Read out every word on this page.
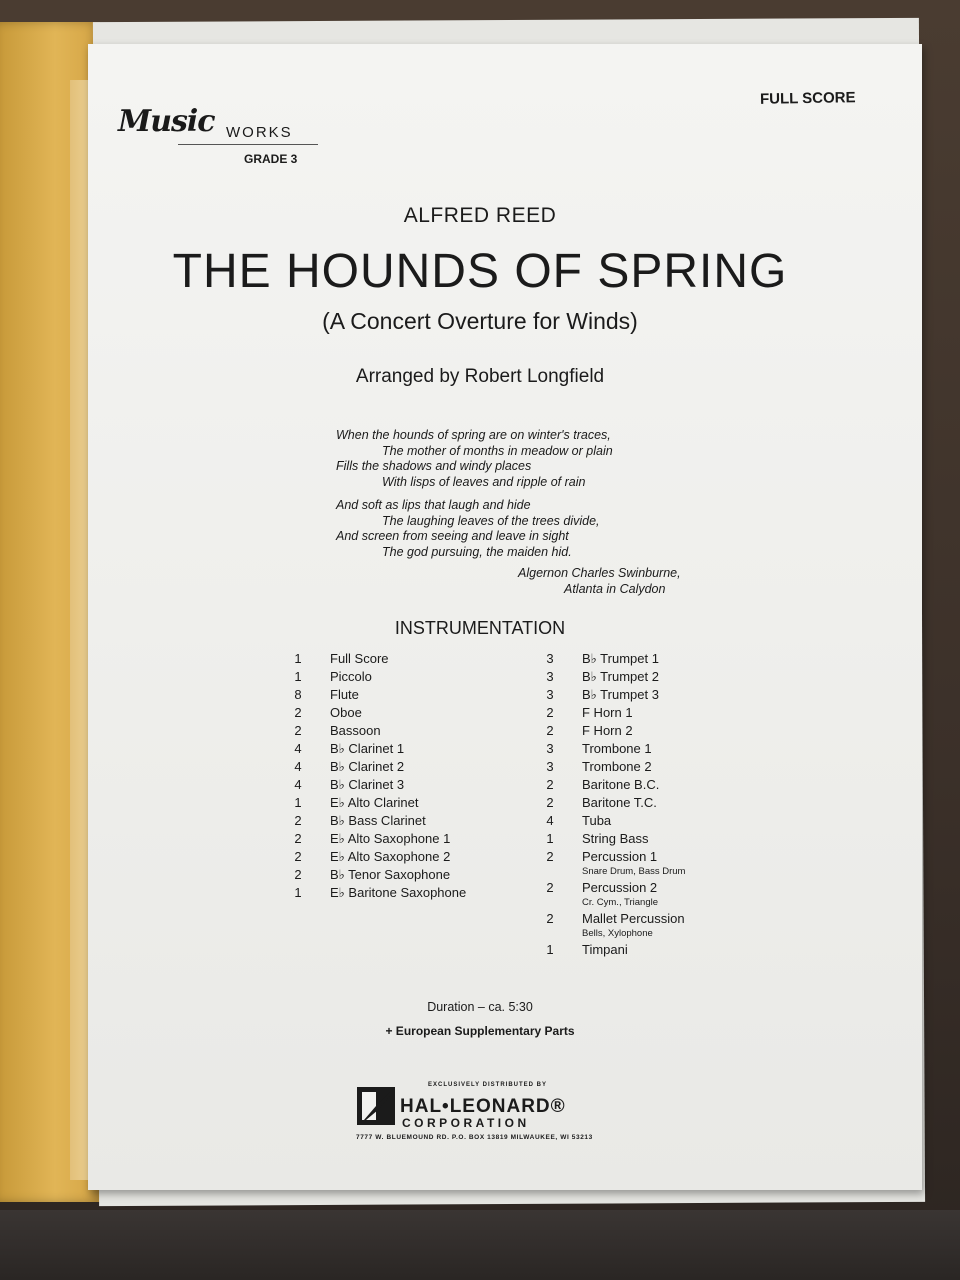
Music WORKS
GRADE 3
FULL SCORE
ALFRED REED
THE HOUNDS OF SPRING
(A Concert Overture for Winds)
Arranged by Robert Longfield
When the hounds of spring are on winter's traces,
The mother of months in meadow or plain
Fills the shadows and windy places
With lisps of leaves and ripple of rain
And soft as lips that laugh and hide
The laughing leaves of the trees divide,
And screen from seeing and leave in sight
The god pursuing, the maiden hid.
Algernon Charles Swinburne,
Atlanta in Calydon
INSTRUMENTATION
1	Full Score
1	Piccolo
8	Flute
2	Oboe
2	Bassoon
4	B♭ Clarinet 1
4	B♭ Clarinet 2
4	B♭ Clarinet 3
1	E♭ Alto Clarinet
2	B♭ Bass Clarinet
2	E♭ Alto Saxophone 1
2	E♭ Alto Saxophone 2
2	B♭ Tenor Saxophone
1	E♭ Baritone Saxophone
3	B♭ Trumpet 1
3	B♭ Trumpet 2
3	B♭ Trumpet 3
2	F Horn 1
2	F Horn 2
3	Trombone 1
3	Trombone 2
2	Baritone B.C.
2	Baritone T.C.
4	Tuba
1	String Bass
2	Percussion 1
Snare Drum, Bass Drum
2	Percussion 2
Cr. Cym., Triangle
2	Mallet Percussion
Bells, Xylophone
1	Timpani
Duration – ca. 5:30
+ European Supplementary Parts
EXCLUSIVELY DISTRIBUTED BY
HAL•LEONARD®
CORPORATION
7777 W. BLUEMOUND RD. P.O. BOX 13819 MILWAUKEE, WI 53213
